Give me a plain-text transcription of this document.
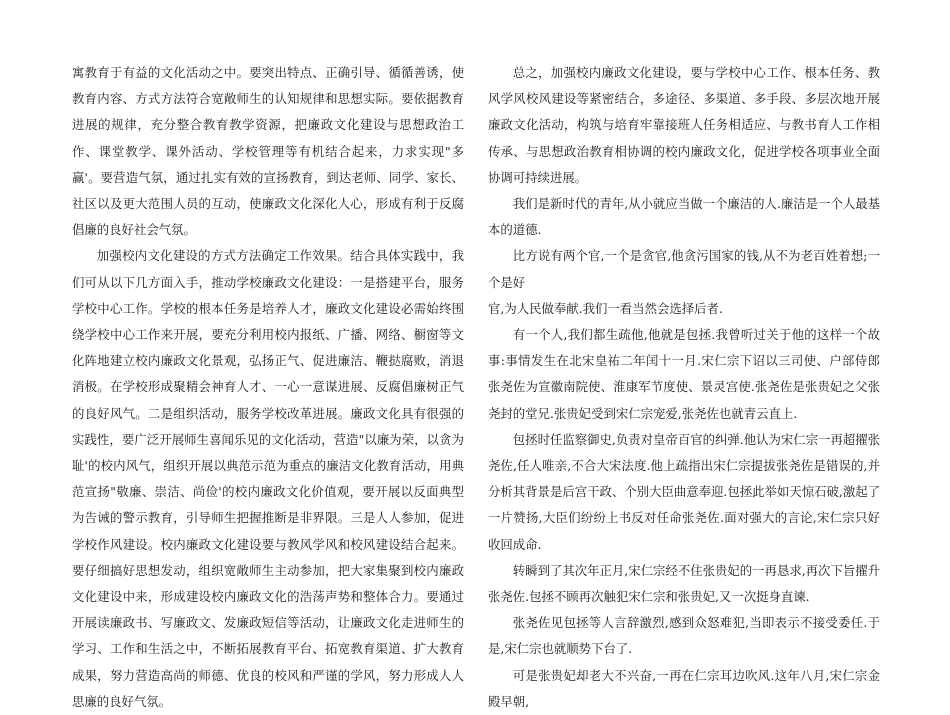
寓教育于有益的文化活动之中。要突出特点、正确引导、循循善诱，使教育内容、方式方法符合宽敞师生的认知规律和思想实际。要依据教育进展的规律，充分整合教育教学资源，把廉政文化建设与思想政治工作、课堂教学、课外活动、学校管理等有机结合起来，力求实现"多赢'。要营造气氛，通过扎实有效的宣扬教育，到达老师、同学、家长、社区以及更大范围人员的互动，使廉政文化深化人心，形成有利于反腐倡廉的良好社会气氛。

加强校内文化建设的方式方法确定工作效果。结合具体实践中，我们可从以下几方面入手，推动学校廉政文化建设：一是搭建平台，服务学校中心工作。学校的根本任务是培养人才，廉政文化建设必需始终围绕学校中心工作来开展，要充分利用校内报纸、广播、网络、橱窗等文化阵地建立校内廉政文化景观，弘扬正气、促进廉洁、鞭挞腐败，消退消极。在学校形成聚精会神育人才、一心一意谋进展、反腐倡廉树正气的良好风气。二是组织活动，服务学校改革进展。廉政文化具有很强的实践性，要广泛开展师生喜闻乐见的文化活动，营造"以廉为荣，以贪为耻'的校内风气，组织开展以典范示范为重点的廉洁文化教育活动，用典范宣扬"敬廉、崇洁、尚俭'的校内廉政文化价值观，要开展以反面典型为告诫的警示教育，引导师生把握推断是非界限。三是人人参加，促进学校作风建设。校内廉政文化建设要与教风学风和校风建设结合起来。要仔细搞好思想发动，组织宽敞师生主动参加，把大家集聚到校内廉政文化建设中来，形成建设校内廉政文化的浩荡声势和整体合力。要通过开展读廉政书、写廉政文、发廉政短信等活动，让廉政文化走进师生的学习、工作和生活之中，不断拓展教育平台、拓宽教育渠道、扩大教育成果，努力营造高尚的师德、优良的校风和严谨的学风，努力形成人人思廉的良好气氛。

总之，加强校内廉政文化建设，要与学校中心工作、根本任务、教风学风校风建设等紧密结合，多途径、多渠道、多手段、多层次地开展廉政文化活动，构筑与培育牢靠接班人任务相适应、与教书育人工作相传承、与思想政治教育相协调的校内廉政文化，促进学校各项事业全面协调可持续进展。

我们是新时代的青年,从小就应当做一个廉洁的人.廉洁是一个人最基本的道德.

比方说有两个官,一个是贪官,他贪污国家的钱,从不为老百姓着想;一个是好

官,为人民做奉献.我们一看当然会选择后者.

有一个人,我们都生疏他,他就是包拯.我曾听过关于他的这样一个故事:事情发生在北宋皇祐二年闰十一月.宋仁宗下诏以三司使、户部侍郎张尧佐为宣徽南院使、淮康军节度使、景灵宫使.张尧佐是张贵妃之父张尧封的堂兄.张贵妃受到宋仁宗宠爱,张尧佐也就青云直上.

包拯时任监察御史,负责对皇帝百官的纠弹.他认为宋仁宗一再超擢张尧佐,任人唯亲,不合大宋法度.他上疏指出宋仁宗提拔张尧佐是错误的,并分析其背景是后宫干政、个别大臣曲意奉迎.包拯此举如天惊石破,激起了一片赞扬,大臣们纷纷上书反对任命张尧佐.面对强大的言论,宋仁宗只好收回成命.

转瞬到了其次年正月,宋仁宗经不住张贵妃的一再恳求,再次下旨擢升张尧佐.包拯不顾再次触犯宋仁宗和张贵妃,又一次挺身直谏.

张尧佐见包拯等人言辞激烈,感到众怒难犯,当即表示不接受委任.于是,宋仁宗也就顺势下台了.

可是张贵妃却老大不兴奋,一再在仁宗耳边吹风.这年八月,宋仁宗金殿早朝,
